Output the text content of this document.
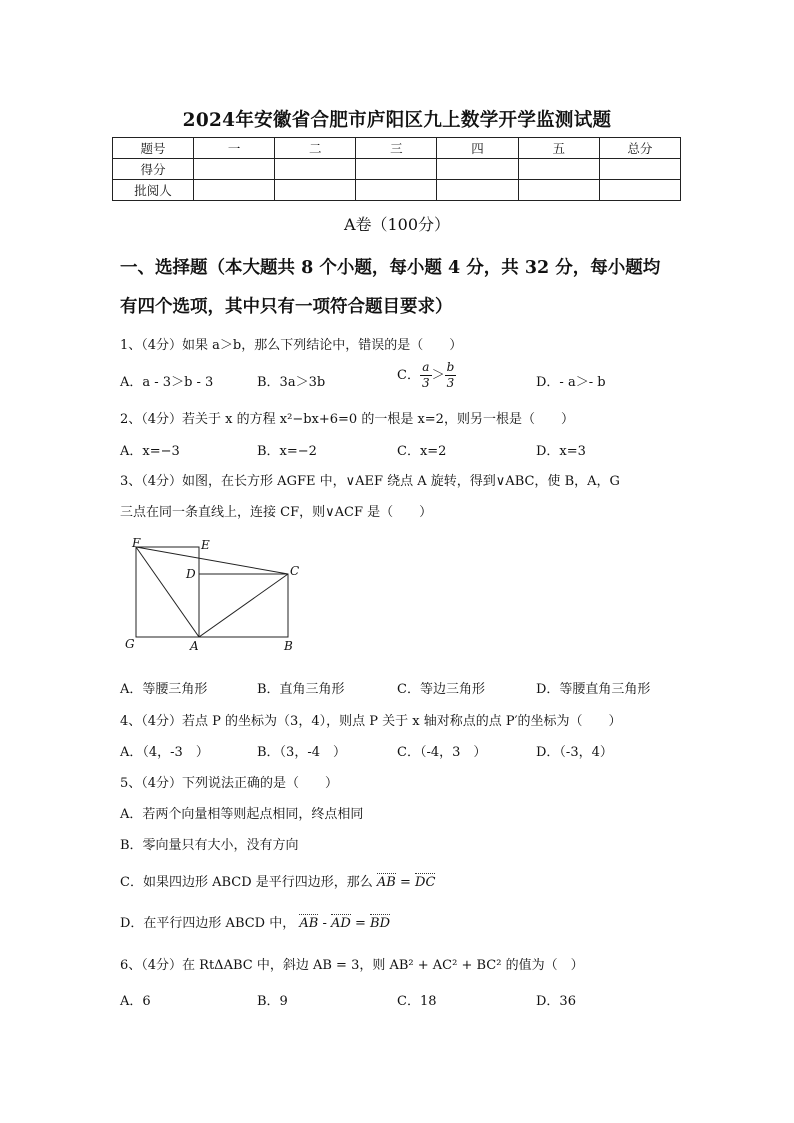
2024年安徽省合肥市庐阳区九上数学开学监测试题
题号	一	二	三	四	五	总分
得分						
批阅人						
A卷（100分）
一、选择题（本大题共 8 个小题，每小题 4 分，共 32 分，每小题均
有四个选项，其中只有一项符合题目要求）
1、（4分）如果 a＞b，那么下列结论中，错误的是（　　）
A．a - 3＞b - 3	B．3a＞3b	C． $\frac{a}{3} > \frac{b}{3}$	D．- a＞- b
2、（4分）若关于 x 的方程 x²−bx+6=0 的一根是 x=2，则另一根是（　　）
A．x=−3	B．x=−2	C．x=2	D．x=3
3、（4分）如图，在长方形 AGFE 中，∨AEF 绕点 A 旋转，得到∨ABC，使 B，A，G
三点在同一条直线上，连接 CF，则∨ACF 是（　　）
F	E
D	C
G	A	B
A．等腰三角形	B．直角三角形	C．等边三角形	D．等腰直角三角形
4、（4分）若点 P 的坐标为（3，4），则点 P 关于 x 轴对称点的点 P′的坐标为（　　）
A．（4，-3　）	B．（3，-4　）	C．（-4，3　）	D．（-3，4）
5、（4分）下列说法正确的是（　　）
A．若两个向量相等则起点相同，终点相同
B．零向量只有大小，没有方向
C．如果四边形 ABCD 是平行四边形，那么 AB = DC
D．在平行四边形 ABCD 中， AB - AD = BD
6、（4分）在 RtΔABC 中，斜边 AB = 3，则 AB² + AC² + BC² 的值为（　）
A．6	B．9	C．18	D．36
